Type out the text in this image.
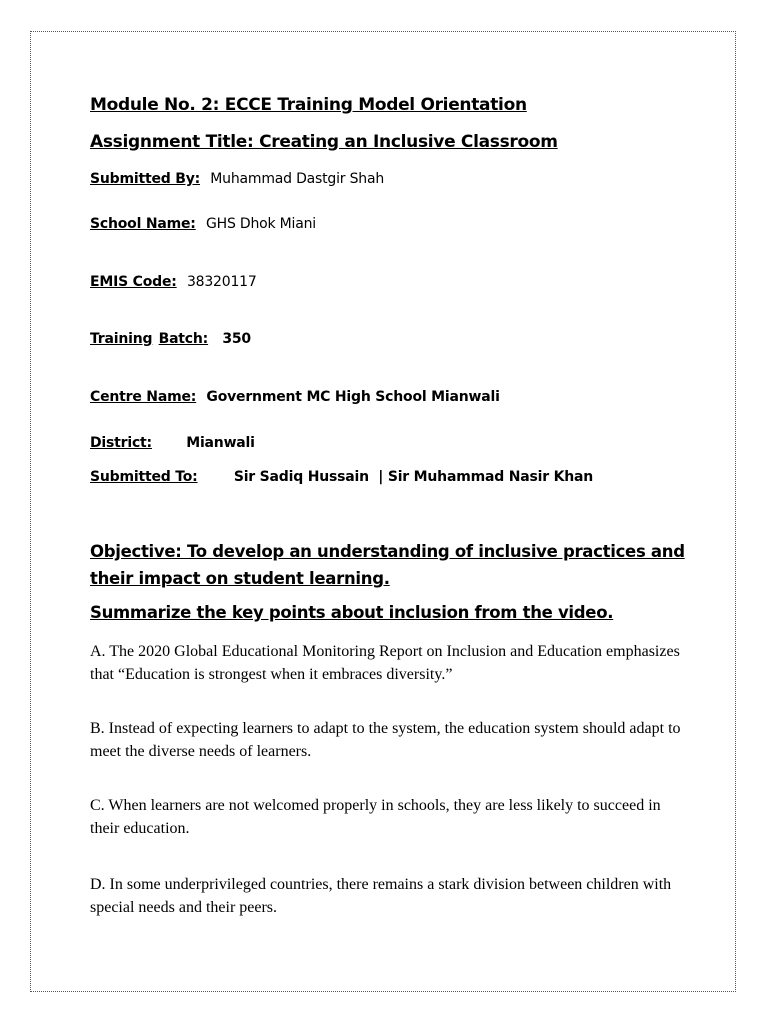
Module No. 2: ECCE Training Model Orientation
Assignment Title: Creating an Inclusive Classroom
Submitted By: Muhammad Dastgir Shah
School Name: GHS Dhok Miani
EMIS Code: 38320117
Training Batch: 350
Centre Name: Government MC High School Mianwali
District: Mianwali
Submitted To:	Sir Sadiq Hussain  | Sir Muhammad Nasir Khan
Objective: To develop an understanding of inclusive practices and their impact on student learning.
Summarize the key points about inclusion from the video.
A. The 2020 Global Educational Monitoring Report on Inclusion and Education emphasizes that “Education is strongest when it embraces diversity.”
B. Instead of expecting learners to adapt to the system, the education system should adapt to meet the diverse needs of learners.
C. When learners are not welcomed properly in schools, they are less likely to succeed in their education.
D. In some underprivileged countries, there remains a stark division between children with special needs and their peers.
